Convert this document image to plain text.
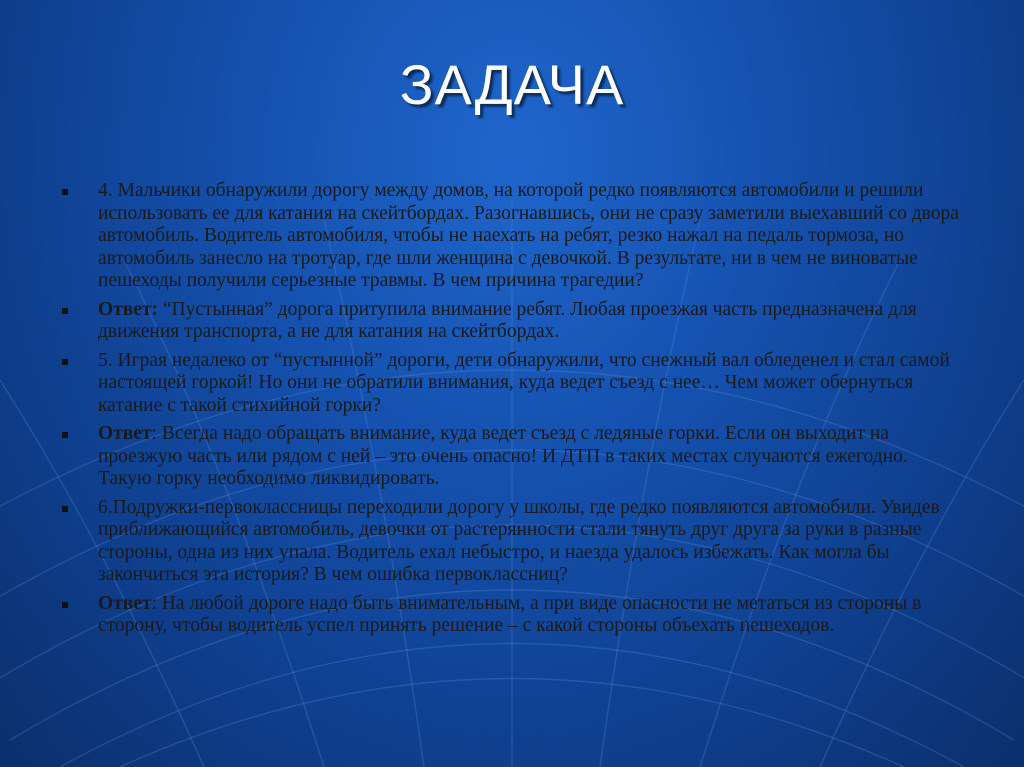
ЗАДАЧА
4. Мальчики обнаружили дорогу между домов, на которой редко появляются автомобили и решили использовать ее для катания на скейтбордах. Разогнавшись, они не сразу заметили выехавший со двора автомобиль. Водитель автомобиля, чтобы не наехать на ребят, резко нажал на педаль тормоза, но автомобиль занесло на тротуар, где шли женщина с девочкой. В результате, ни в чем не виноватые пешеходы получили серьезные травмы. В чем причина трагедии?
Ответ: “Пустынная” дорога притупила внимание ребят. Любая проезжая часть предназначена для движения транспорта, а не для катания на скейтбордах.
5. Играя недалеко от “пустынной” дороги, дети обнаружили, что снежный вал обледенел и стал самой настоящей горкой! Но они не обратили внимания, куда ведет съезд с нее… Чем может обернуться катание с такой стихийной горки?
Ответ: Всегда надо обращать внимание, куда ведет съезд с ледяные горки. Если он выходит на проезжую часть или рядом с ней – это очень опасно! И ДТП в таких местах случаются ежегодно. Такую горку необходимо ликвидировать.
6.Подружки-первоклассницы переходили дорогу у школы, где редко появляются автомобили. Увидев приближающийся автомобиль, девочки от растерянности стали тянуть друг друга за руки в разные стороны, одна из них упала. Водитель ехал небыстро, и наезда удалось избежать. Как могла бы закончиться эта история? В чем ошибка первоклассниц?
Ответ: На любой дороге надо быть внимательным, а при виде опасности не метаться из стороны в сторону, чтобы водитель успел принять решение – с какой стороны объехать пешеходов.
